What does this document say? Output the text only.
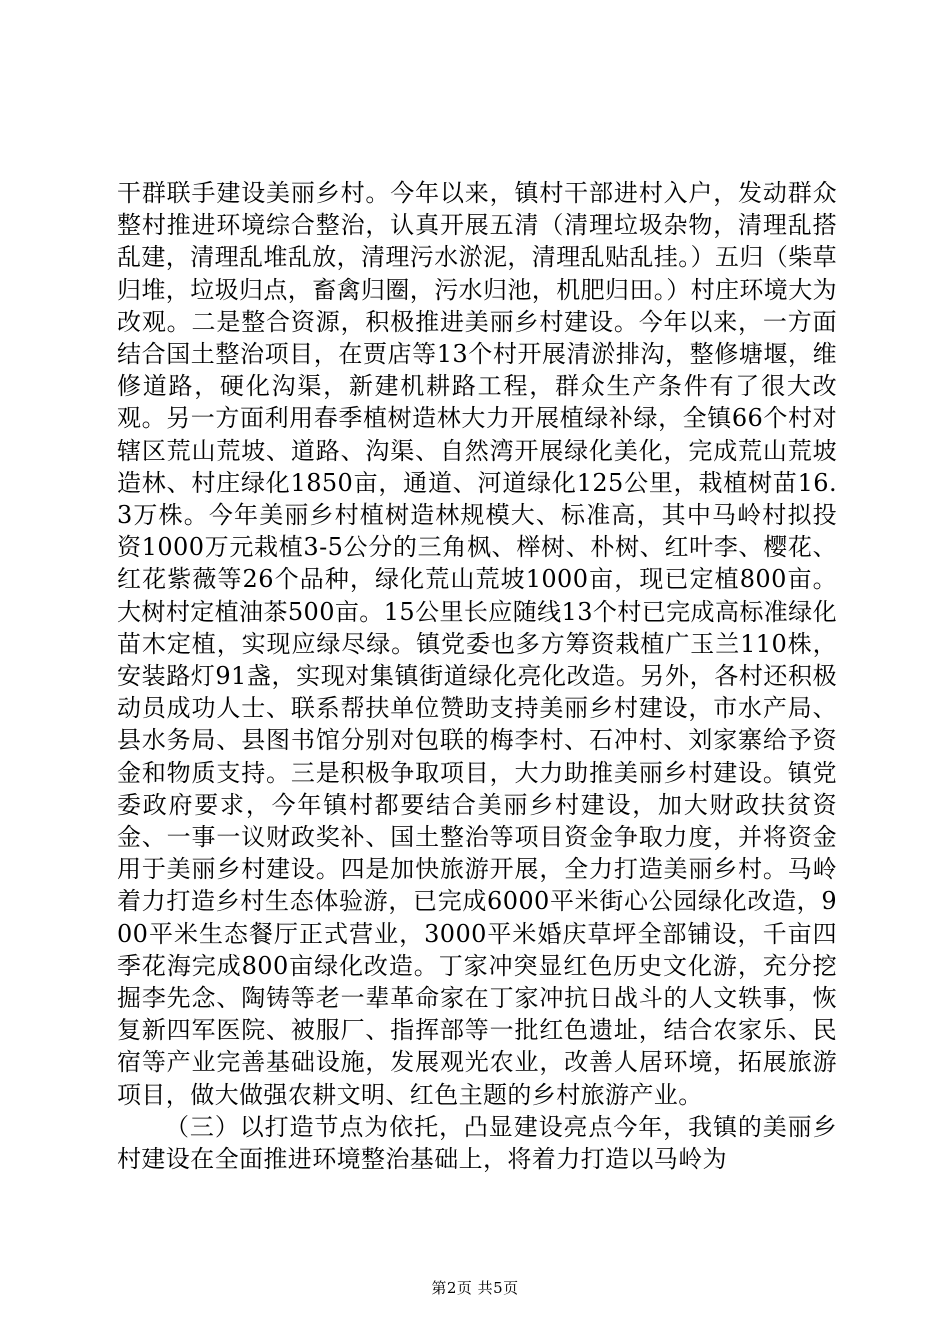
干群联手建设美丽乡村。今年以来，镇村干部进村入户，发动群众整村推进环境综合整治，认真开展五清（清理垃圾杂物，清理乱搭乱建，清理乱堆乱放，清理污水淤泥，清理乱贴乱挂。）五归（柴草归堆，垃圾归点，畜禽归圈，污水归池，机肥归田。）村庄环境大为改观。二是整合资源，积极推进美丽乡村建设。今年以来，一方面结合国土整治项目，在贾店等13个村开展清淤排沟，整修塘堰，维修道路，硬化沟渠，新建机耕路工程，群众生产条件有了很大改观。另一方面利用春季植树造林大力开展植绿补绿，全镇66个村对辖区荒山荒坡、道路、沟渠、自然湾开展绿化美化，完成荒山荒坡造林、村庄绿化1850亩，通道、河道绿化125公里，栽植树苗16.3万株。今年美丽乡村植树造林规模大、标准高，其中马岭村拟投资1000万元栽植3-5公分的三角枫、榉树、朴树、红叶李、樱花、红花紫薇等26个品种，绿化荒山荒坡1000亩，现已定植800亩。大树村定植油茶500亩。15公里长应随线13个村已完成高标准绿化苗木定植，实现应绿尽绿。镇党委也多方筹资栽植广玉兰110株，安装路灯91盏，实现对集镇街道绿化亮化改造。另外，各村还积极动员成功人士、联系帮扶单位赞助支持美丽乡村建设，市水产局、县水务局、县图书馆分别对包联的梅李村、石冲村、刘家寨给予资金和物质支持。三是积极争取项目，大力助推美丽乡村建设。镇党委政府要求，今年镇村都要结合美丽乡村建设，加大财政扶贫资金、一事一议财政奖补、国土整治等项目资金争取力度，并将资金用于美丽乡村建设。四是加快旅游开展，全力打造美丽乡村。马岭着力打造乡村生态体验游，已完成6000平米街心公园绿化改造，900平米生态餐厅正式营业，3000平米婚庆草坪全部铺设，千亩四季花海完成800亩绿化改造。丁家冲突显红色历史文化游，充分挖掘李先念、陶铸等老一辈革命家在丁家冲抗日战斗的人文轶事，恢复新四军医院、被服厂、指挥部等一批红色遗址，结合农家乐、民宿等产业完善基础设施，发展观光农业，改善人居环境，拓展旅游项目，做大做强农耕文明、红色主题的乡村旅游产业。

（三）以打造节点为依托，凸显建设亮点今年，我镇的美丽乡村建设在全面推进环境整治基础上，将着力打造以马岭为

第2页 共5页
